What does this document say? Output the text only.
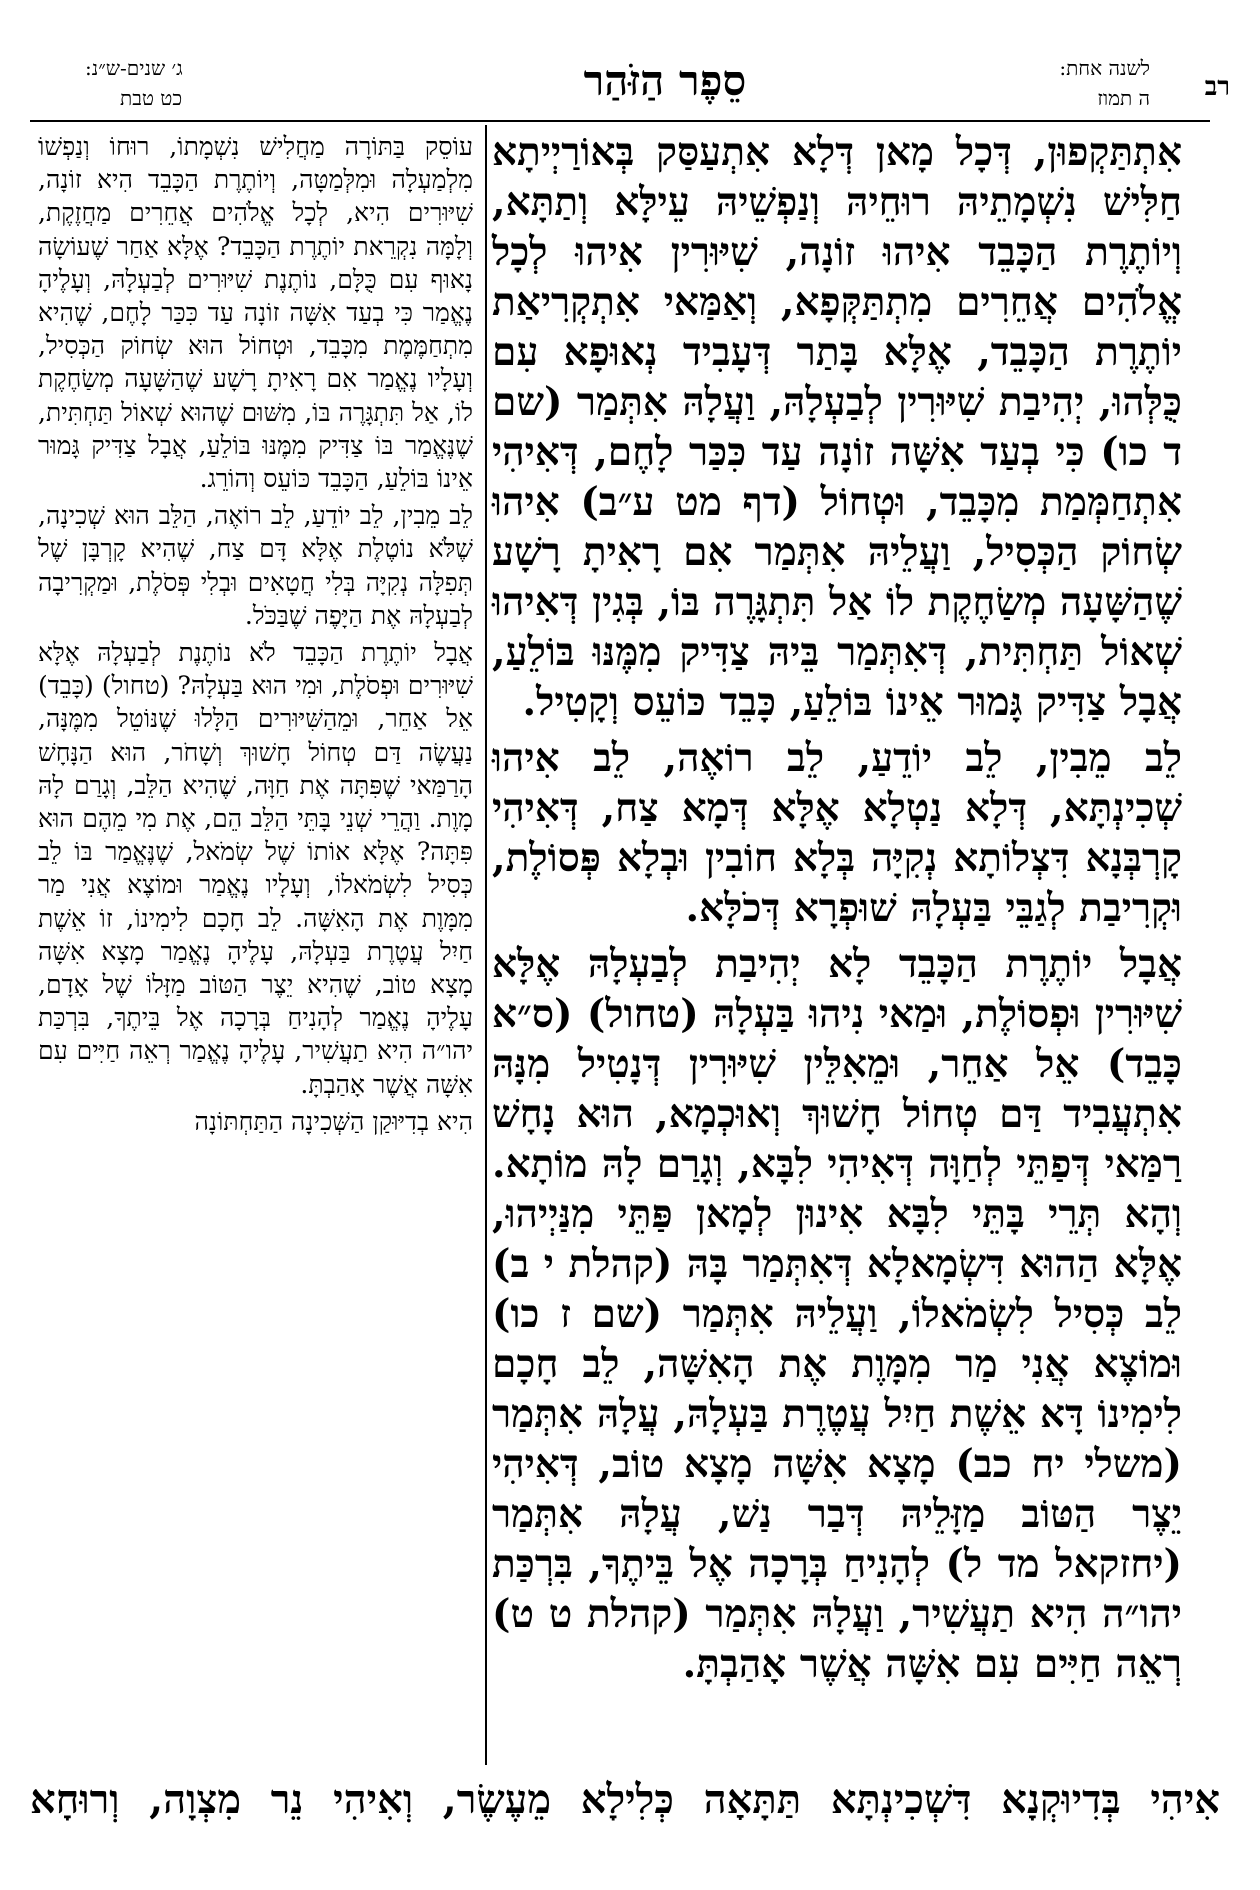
רב
לשנה אחת:
ה תמוז
סֵפֶר הַזֹּהַר
ג׳ שנים-ש״נ:
כט טבת

אִתְתַּקְפוּן, דְּכָל מָאן דְּלָא אִתְעַסַּק בְּאוֹרַיְיתָא חַלִּישׁ נִשְׁמָתֵיהּ רוּחֵיהּ וְנַפְשֵׁיהּ עֵילָּא וְתַתָּא, וְיוֹתֶרֶת הַכָּבֵד אִיהוּ זוֹנָה, שִׁיּוּרִין אִיהוּ לְכָל אֱלֹהִים אֲחֵרִים מִתְתַּקְּפָא, וְאַמַּאי אִתְקְרִיאַת יוֹתֶרֶת הַכָּבֵד, אֶלָּא בָּתַר דְּעָבִיד נְאוּפָא עִם כֻּלְּהוּ, יְהִיבַת שִׁיּוּרִין לְבַעְלָהּ, וַעֲלָהּ אִתְּמַר (שם ד כו) כִּי בְעַד אִשָּׁה זוֹנָה עַד כִּכַּר לָחֶם, דְּאִיהִי אִתְחַמְּמַת מִכָּבֵד, וּטְחוֹל (דף מט ע״ב) אִיהוּ שְׂחוֹק הַכְּסִיל, וַעֲלֵיהּ אִתְּמַר אִם רָאִיתָ רָשָׁע שֶׁהַשָּׁעָה מְשַׂחֶקֶת לוֹ אַל תִּתְגָּרֶה בּוֹ, בְּגִין דְּאִיהוּ שְׁאוֹל תַּחְתִּית, דְּאִתְּמַר בֵּיהּ צַדִּיק מִמֶּנּוּ בּוֹלֵעַ, אֲבָל צַדִּיק גָּמוּר אֵינוֹ בּוֹלֵעַ, כָּבֵד כּוֹעֵס וְקָטִיל.

לֵב מֵבִין, לֵב יוֹדֵעַ, לֵב רוֹאֶה, לֵב אִיהוּ שְׁכִינְתָּא, דְּלָא נַטְלָא אֶלָּא דְּמָא צַח, דְּאִיהִי קָרְבְּנָא דִּצְלוֹתָא נְקִיָּה בְּלָא חוֹבִין וּבְלָא פְּסוֹלֶת, וּקְרִיבַת לְגַבֵּי בַּעְלָהּ שׁוּפְרָא דְּכֹלָּא.

אֲבָל יוֹתֶרֶת הַכָּבֵד לָא יְהִיבַת לְבַעְלָהּ אֶלָּא שִׁיּוּרִין וּפְסוֹלֶת, וּמַאי נִיהוּ בַּעְלָהּ (טחול) (ס״א כָּבֵד) אֵל אַחֵר, וּמֵאִלֵּין שִׁיּוּרִין דְּנָטִיל מִנָּהּ אִתְעֲבִיד דַּם טְחוֹל חָשׁוּךְ וְאוּכְמָא, הוּא נָחָשׁ רַמַּאי דְּפַתֵּי לְחַוָּה דְּאִיהִי לִבָּא, וְגָרַם לָהּ מוֹתָא. וְהָא תְּרֵי בָּתֵּי לִבָּא אִינוּן לְמָאן פַּתֵּי מִנַּיְיהוּ, אֶלָּא הַהוּא דִּשְׂמָאלָא דְּאִתְּמַר בָּהּ (קהלת י ב) לֵב כְּסִיל לִשְׂמֹאלוֹ, וַעֲלֵיהּ אִתְּמַר (שם ז כו) וּמוֹצֶא אֲנִי מַר מִמָּוֶת אֶת הָאִשָּׁה, לֵב חָכָם לִימִינוֹ דָּא אֵשֶׁת חַיִל עֲטֶרֶת בַּעְלָהּ, עֲלָהּ אִתְּמַר (משלי יח כב) מָצָא אִשָּׁה מָצָא טוֹב, דְּאִיהִי יֵצֶר הַטּוֹב מַזָּלֵיהּ דְּבַר נַשׁ, עֲלָהּ אִתְּמַר (יחזקאל מד ל) לְהָנִיחַ בְּרָכָה אֶל בֵּיתֶךָ, בִּרְכַּת יהו״ה הִיא תַעֲשִׁיר, וַעֲלָהּ אִתְּמַר (קהלת ט ט) רְאֵה חַיִּים עִם אִשָּׁה אֲשֶׁר אָהַבְתָּ.

עוֹסֵק בַּתּוֹרָה מַחֲלִישׁ נִשְׁמָתוֹ, רוּחוֹ וְנַפְשׁוֹ מִלְמַעְלָה וּמִלְּמַטָּה, וְיוֹתֶרֶת הַכָּבֵד הִיא זוֹנָה, שִׁיּוּרִים הִיא, לְכָל אֱלֹהִים אֲחֵרִים מַחֲזֶקֶת, וְלָמָּה נִקְרֵאת יוֹתֶרֶת הַכָּבֵד? אֶלָּא אַחַר שֶׁעוֹשָׂה נָאוּף עִם כֻּלָּם, נוֹתֶנֶת שִׁיּוּרִים לְבַעְלָהּ, וְעָלֶיהָ נֶאֱמַר כִּי בְעַד אִשָּׁה זוֹנָה עַד כִּכַּר לָחֶם, שֶׁהִיא מִתְחַמֶּמֶת מִכָּבֵד, וּטְחוֹל הוּא שְׂחוֹק הַכְּסִיל, וְעָלָיו נֶאֱמַר אִם רָאִיתָ רָשָׁע שֶׁהַשָּׁעָה מְשַׂחֶקֶת לוֹ, אַל תִּתְגָּרֶה בּוֹ, מִשּׁוּם שֶׁהוּא שְׁאוֹל תַּחְתִּית, שֶׁנֶּאֱמַר בּוֹ צַדִּיק מִמֶּנּוּ בּוֹלֵעַ, אֲבָל צַדִּיק גָּמוּר אֵינוֹ בּוֹלֵעַ, הַכָּבֵד כּוֹעֵס וְהוֹרֵג.

לֵב מֵבִין, לֵב יוֹדֵעַ, לֵב רוֹאֶה, הַלֵּב הוּא שְׁכִינָה, שֶׁלֹּא נוֹטֶלֶת אֶלָּא דָּם צַח, שֶׁהִיא קָרְבָּן שֶׁל תְּפִלָּה נְקִיָּה בְּלִי חֲטָאִים וּבְלִי פְּסֹלֶת, וּמַקְרִיבָה לְבַעְלָהּ אֶת הַיָּפֶה שֶׁבַּכֹּל.

אֲבָל יוֹתֶרֶת הַכָּבֵד לֹא נוֹתֶנֶת לְבַעְלָהּ אֶלָּא שִׁיּוּרִים וּפְסֹלֶת, וּמִי הוּא בַּעְלָהּ? (טחול) (כָּבֵד) אֵל אַחֵר, וּמֵהַשִּׁיּוּרִים הַלָּלוּ שֶׁנּוֹטֵל מִמֶּנָּה, נַעֲשֶׂה דַּם טְחוֹל חָשׁוּךְ וְשָׁחֹר, הוּא הַנָּחָשׁ הָרַמַּאי שֶׁפִּתָּה אֶת חַוָּה, שֶׁהִיא הַלֵּב, וְגָרַם לָהּ מָוֶת. וַהֲרֵי שְׁנֵי בָּתֵּי הַלֵּב הֵם, אֶת מִי מֵהֶם הוּא פִּתָּה? אֶלָּא אוֹתוֹ שֶׁל שְׂמֹאל, שֶׁנֶּאֱמַר בּוֹ לֵב כְּסִיל לִשְׂמֹאלוֹ, וְעָלָיו נֶאֱמַר וּמוֹצֶא אֲנִי מַר מִמָּוֶת אֶת הָאִשָּׁה. לֵב חָכָם לִימִינוֹ, זוֹ אֵשֶׁת חַיִל עֲטֶרֶת בַּעְלָהּ, עָלֶיהָ נֶאֱמַר מָצָא אִשָּׁה מָצָא טוֹב, שֶׁהִיא יֵצֶר הַטּוֹב מַזָּלוֹ שֶׁל אָדָם, עָלֶיהָ נֶאֱמַר לְהָנִיחַ בְּרָכָה אֶל בֵּיתֶךָ, בִּרְכַּת יהו״ה הִיא תַעֲשִׁיר, עָלֶיהָ נֶאֱמַר רְאֵה חַיִּים עִם אִשָּׁה אֲשֶׁר אָהַבְתָּ.

הִיא בְדִיּוּקַן הַשְּׁכִינָה הַתַּחְתּוֹנָה

אִיהִי בְּדִיוּקְנָא דִּשְׁכִינְתָּא תַּתָּאָה כְּלִילָא מֵעֶשֶׂר, וְאִיהִי נֵר מִצְוָה, וְרוּחָא
